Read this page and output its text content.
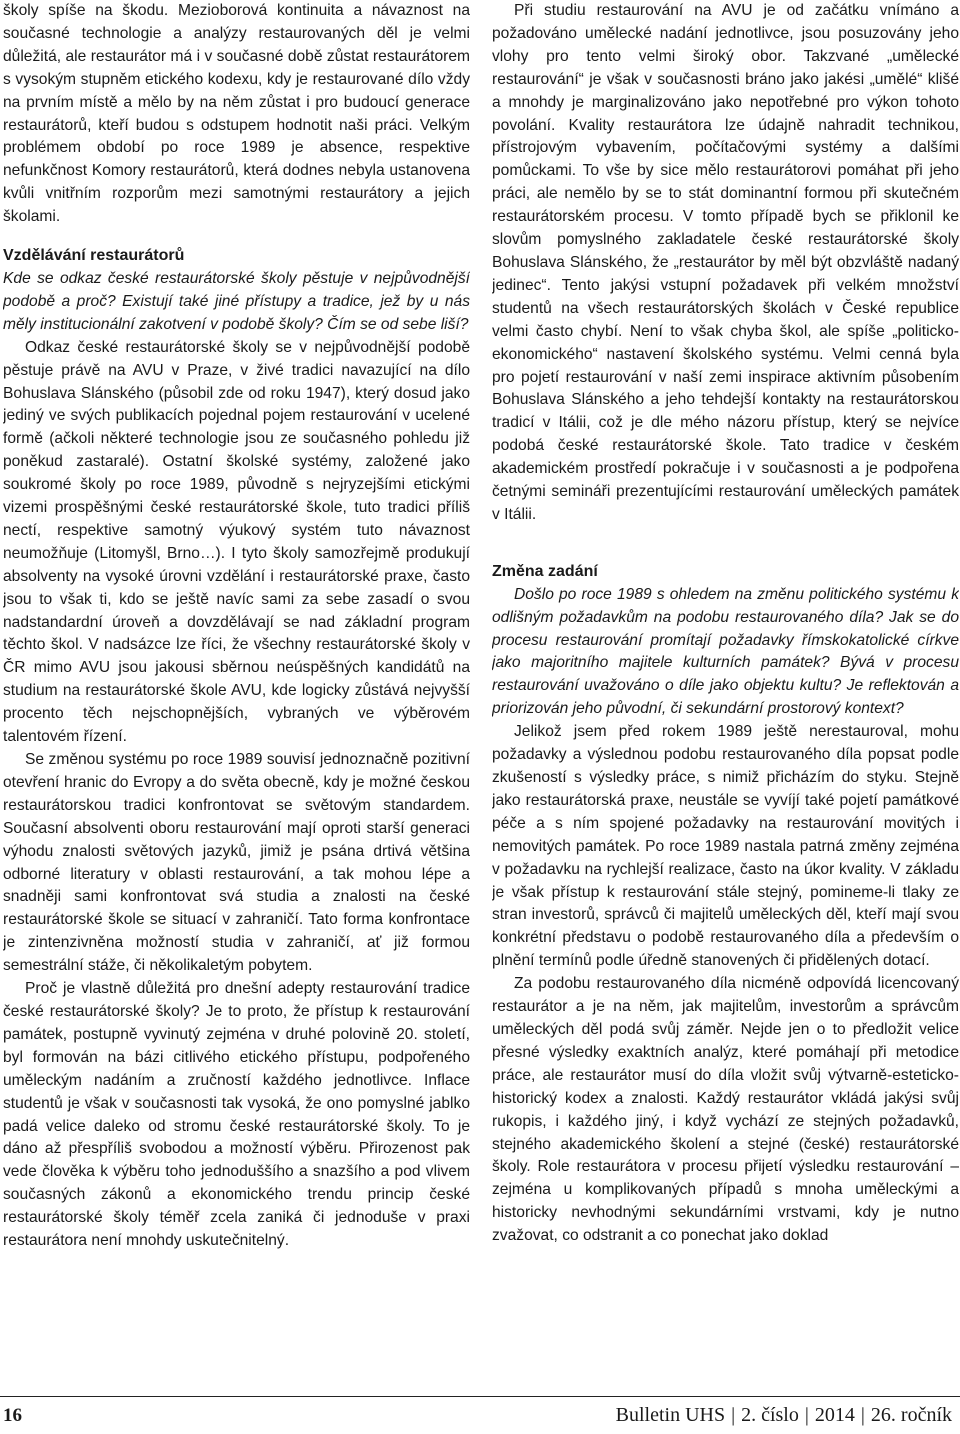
školy spíše na škodu. Mezioborová kontinuita a návaznost na současné technologie a analýzy restaurovaných děl je velmi důležitá, ale restaurátor má i v současné době zůstat restaurátorem s vysokým stupněm etického kodexu, kdy je restaurované dílo vždy na prvním místě a mělo by na něm zůstat i pro budoucí generace restaurátorů, kteří budou s odstupem hodnotit naši práci. Velkým problémem období po roce 1989 je absence, respektive nefunkčnost Komory restaurátorů, která dodnes nebyla ustanovena kvůli vnitřním rozporům mezi samotnými restaurátory a jejich školami.

Vzdělávání restaurátorů

Kde se odkaz české restaurátorské školy pěstuje v nejpůvodnější podobě a proč? Existují také jiné přístupy a tradice, jež by u nás měly institucionální zakotvení v podobě školy? Čím se od sebe liší?

Odkaz české restaurátorské školy se v nejpůvodnější podobě pěstuje právě na AVU v Praze, v živé tradici navazující na dílo Bohuslava Slánského (působil zde od roku 1947), který dosud jako jediný ve svých publikacích pojednal pojem restaurování v ucelené formě (ačkoli některé technologie jsou ze současného pohledu již poněkud zastaralé). Ostatní školské systémy, založené jako soukromé školy po roce 1989, původně s nejryzejšími etickými vizemi prospěšnými české restaurátorské škole, tuto tradici příliš nectí, respektive samotný výukový systém tuto návaznost neumožňuje (Litomyšl, Brno…). I tyto školy samozřejmě produkují absolventy na vysoké úrovni vzdělání i restaurátorské praxe, často jsou to však ti, kdo se ještě navíc sami za sebe zasadí o svou nadstandardní úroveň a dovzdělávají se nad základní program těchto škol. V nadsázce lze říci, že všechny restaurátorské školy v ČR mimo AVU jsou jakousi sběrnou neúspěšných kandidátů na studium na restaurátorské škole AVU, kde logicky zůstává nejvyšší procento těch nejschopnějších, vybraných ve výběrovém talentovém řízení.

Se změnou systému po roce 1989 souvisí jednoznačně pozitivní otevření hranic do Evropy a do světa obecně, kdy je možné českou restaurátorskou tradici konfrontovat se světovým standardem. Současní absolventi oboru restaurování mají oproti starší generaci výhodu znalosti světových jazyků, jimiž je psána drtivá většina odborné literatury v oblasti restaurování, a tak mohou lépe a snadněji sami konfrontovat svá studia a znalosti na české restaurátorské škole se situací v zahraničí. Tato forma konfrontace je zintenzivněna možností studia v zahraničí, ať již formou semestrální stáže, či několikaletým pobytem.

Proč je vlastně důležitá pro dnešní adepty restaurování tradice české restaurátorské školy? Je to proto, že přístup k restaurování památek, postupně vyvinutý zejména v druhé polovině 20. století, byl formován na bázi citlivého etického přístupu, podpořeného uměleckým nadáním a zručností každého jednotlivce. Inflace studentů je však v současnosti tak vysoká, že ono pomyslné jablko padá velice daleko od stromu české restaurátorské školy. To je dáno až přespříliš svobodou a možností výběru. Přirozenost pak vede člověka k výběru toho jednoduššího a snazšího a pod vlivem současných zákonů a ekonomického trendu princip české restaurátorské školy téměř zcela zaniká či jednoduše v praxi restaurátora není mnohdy uskutečnitelný.

Při studiu restaurování na AVU je od začátku vnímáno a požadováno umělecké nadání jednotlivce, jsou posuzovány jeho vlohy pro tento velmi široký obor. Takzvané „umělecké restaurování“ je však v současnosti bráno jako jakési „umělé“ klišé a mnohdy je marginalizováno jako nepotřebné pro výkon tohoto povolání. Kvality restaurátora lze údajně nahradit technikou, přístrojovým vybavením, počítačovými systémy a dalšími pomůckami. To vše by sice mělo restaurátorovi pomáhat při jeho práci, ale nemělo by se to stát dominantní formou při skutečném restaurátorském procesu. V tomto případě bych se přiklonil ke slovům pomyslného zakladatele české restaurátorské školy Bohuslava Slánského, že „restaurátor by měl být obzvláště nadaný jedinec“. Tento jakýsi vstupní požadavek při velkém množství studentů na všech restaurátorských školách v České republice velmi často chybí. Není to však chyba škol, ale spíše „politicko-ekonomického“ nastavení školského systému. Velmi cenná byla pro pojetí restaurování v naší zemi inspirace aktivním působením Bohuslava Slánského a jeho tehdejší kontakty na restaurátorskou tradicí v Itálii, což je dle mého názoru přístup, který se nejvíce podobá české restaurátorské škole. Tato tradice v českém akademickém prostředí pokračuje i v současnosti a je podpořena četnými semináři prezentujícími restaurování uměleckých památek v Itálii.

Změna zadání

Došlo po roce 1989 s ohledem na změnu politického systému k odlišným požadavkům na podobu restaurovaného díla? Jak se do procesu restaurování promítají požadavky římskokatolické církve jako majoritního majitele kulturních památek? Bývá v procesu restaurování uvažováno o díle jako objektu kultu? Je reflektován a priorizován jeho původní, či sekundární prostorový kontext?

Jelikož jsem před rokem 1989 ještě nerestauroval, mohu požadavky a výslednou podobu restaurovaného díla popsat podle zkušeností s výsledky práce, s nimiž přicházím do styku. Stejně jako restaurátorská praxe, neustále se vyvíjí také pojetí památkové péče a s ním spojené požadavky na restaurování movitých i nemovitých památek. Po roce 1989 nastala patrná změny zejména v požadavku na rychlejší realizace, často na úkor kvality. V základu je však přístup k restaurování stále stejný, pomineme-li tlaky ze stran investorů, správců či majitelů uměleckých děl, kteří mají svou konkrétní představu o podobě restaurovaného díla a především o plnění termínů podle úředně stanovených či přidělených dotací.

Za podobu restaurovaného díla nicméně odpovídá licencovaný restaurátor a je na něm, jak majitelům, investorům a správcům uměleckých děl podá svůj záměr. Nejde jen o to předložit velice přesné výsledky exaktních analýz, které pomáhají při metodice práce, ale restaurátor musí do díla vložit svůj výtvarně-esteticko-historický kodex a znalosti. Každý restaurátor vkládá jakýsi svůj rukopis, i každého jiný, i když vychází ze stejných požadavků, stejného akademického školení a stejné (české) restaurátorské školy. Role restaurátora v procesu přijetí výsledku restaurování – zejména u komplikovaných případů s mnoha uměleckými a historicky nevhodnými sekundárními vrstvami, kdy je nutno zvažovat, co odstranit a co ponechat jako doklad

16	Bulletin UHS | 2. číslo | 2014 | 26. ročník
